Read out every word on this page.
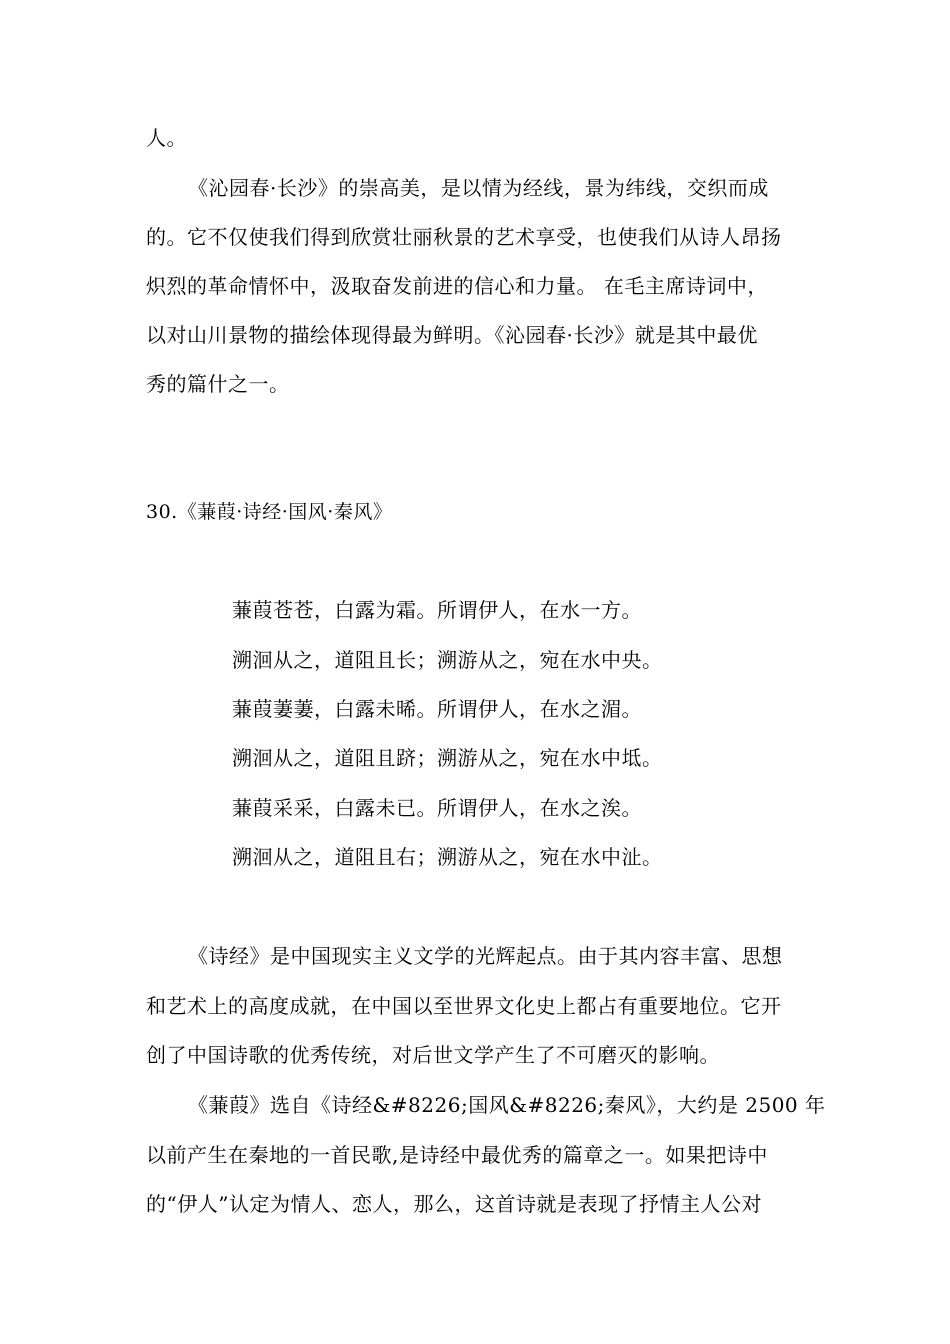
人。
《沁园春·长沙》的崇高美，是以情为经线，景为纬线，交织而成
的。它不仅使我们得到欣赏壮丽秋景的艺术享受，也使我们从诗人昂扬
炽烈的革命情怀中，汲取奋发前进的信心和力量。 在毛主席诗词中，
以对山川景物的描绘体现得最为鲜明。《沁园春·长沙》就是其中最优
秀的篇什之一。
30.《蒹葭·诗经·国风·秦风》
蒹葭苍苍，白露为霜。所谓伊人，在水一方。
溯洄从之，道阻且长；溯游从之，宛在水中央。
蒹葭萋萋，白露未晞。所谓伊人，在水之湄。
溯洄从之，道阻且跻；溯游从之，宛在水中坻。
蒹葭采采，白露未已。所谓伊人，在水之涘。
溯洄从之，道阻且右；溯游从之，宛在水中沚。
《诗经》是中国现实主义文学的光辉起点。由于其内容丰富、思想
和艺术上的高度成就，在中国以至世界文化史上都占有重要地位。它开
创了中国诗歌的优秀传统，对后世文学产生了不可磨灭的影响。
《蒹葭》选自《诗经&#8226;国风&#8226;秦风》，大约是 2500 年
以前产生在秦地的一首民歌,是诗经中最优秀的篇章之一。如果把诗中
的“伊人”认定为情人、恋人，那么，这首诗就是表现了抒情主人公对
